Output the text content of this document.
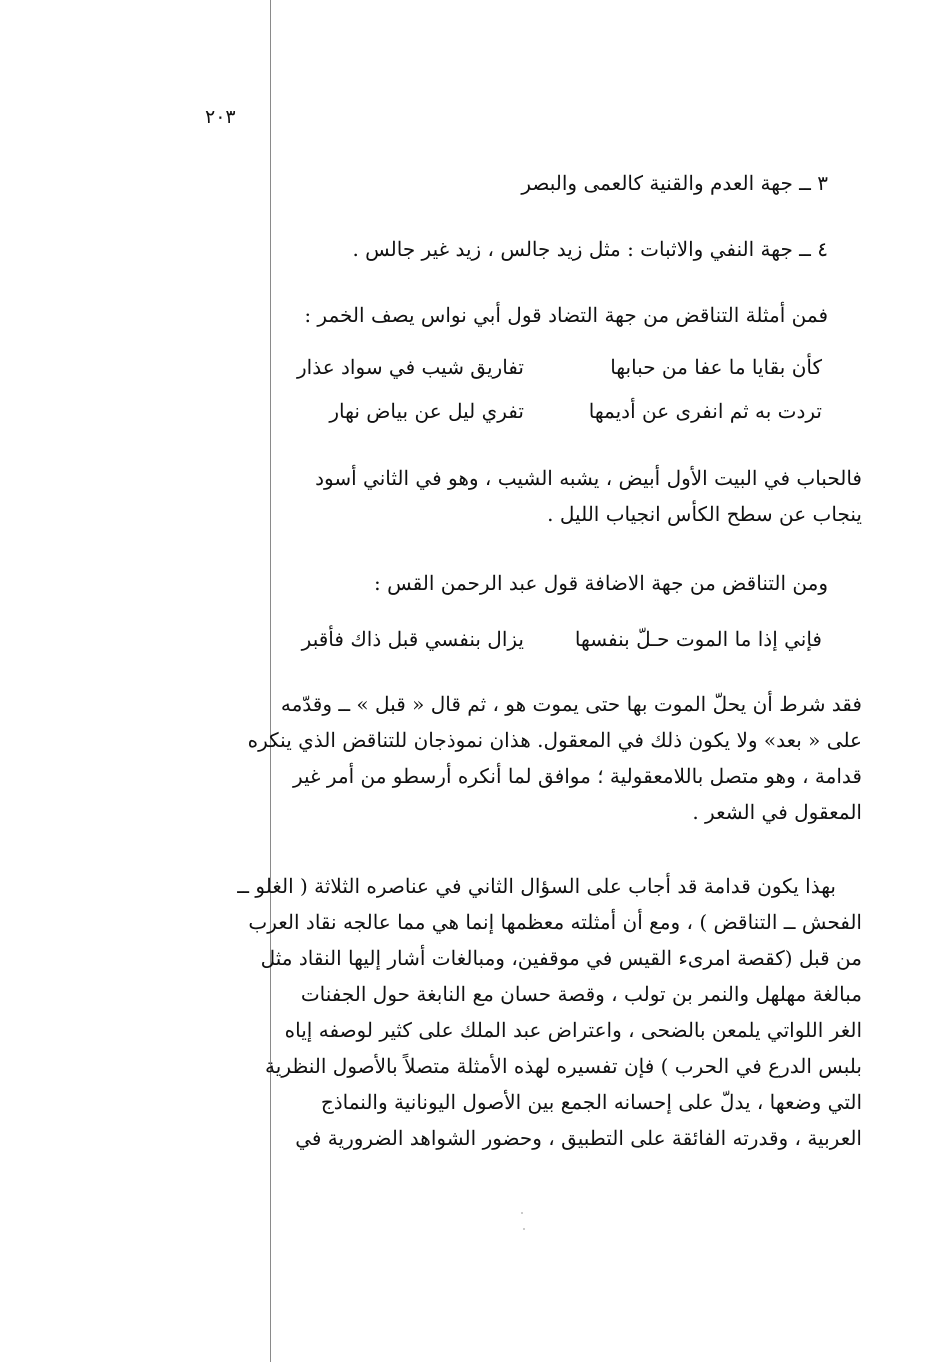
٢٠٣
٣ ــ جهة العدم والقنية كالعمى والبصر
٤ ــ جهة النفي والاثبات : مثل زيد جالس ، زيد غير جالس .
فمن أمثلة التناقض من جهة التضاد قول أبي نواس يصف الخمر :
كأن بقايا ما عفا من حبابها
تفاريق شيب في سواد عذار
تردت به ثم انفرى عن أديمها
تفري ليل عن بياض نهار

فالحباب في البيت الأول أبيض ، يشبه الشيب ، وهو في الثاني أسود

ينجاب عن سطح الكأس انجياب الليل .

ومن التناقض من جهة الاضافة قول عبد الرحمن القس :
فإني إذا ما الموت حـلّ بنفسها
يزال بنفسي قبل ذاك فأقبر

فقد شرط أن يحلّ الموت بها حتى يموت هو ، ثم قال « قبل » ــ وقدّمه

على « بعد» ولا يكون ذلك في المعقول. هذان نموذجان للتناقض الذي ينكره

قدامة ، وهو متصل باللامعقولية ؛ موافق لما أنكره أرسطو من أمر غير

المعقول في الشعر .

بهذا يكون قدامة قد أجاب على السؤال الثاني في عناصره الثلاثة ( الغلو ــ

الفحش ــ التناقض ) ، ومع أن أمثلته معظمها إنما هي مما عالجه نقاد العرب

من قبل (كقصة امرىء القيس في موقفين، ومبالغات أشار إليها النقاد مثل

مبالغة مهلهل والنمر بن تولب ، وقصة حسان مع النابغة حول الجفنات

الغر اللواتي يلمعن بالضحى ، واعتراض عبد الملك على كثير لوصفه إياه

بلبس الدرع في الحرب ) فإن تفسيره لهذه الأمثلة متصلاً بالأصول النظرية

التي وضعها ، يدلّ على إحسانه الجمع بين الأصول اليونانية والنماذج

العربية ، وقدرته الفائقة على التطبيق ، وحضور الشواهد الضرورية في
